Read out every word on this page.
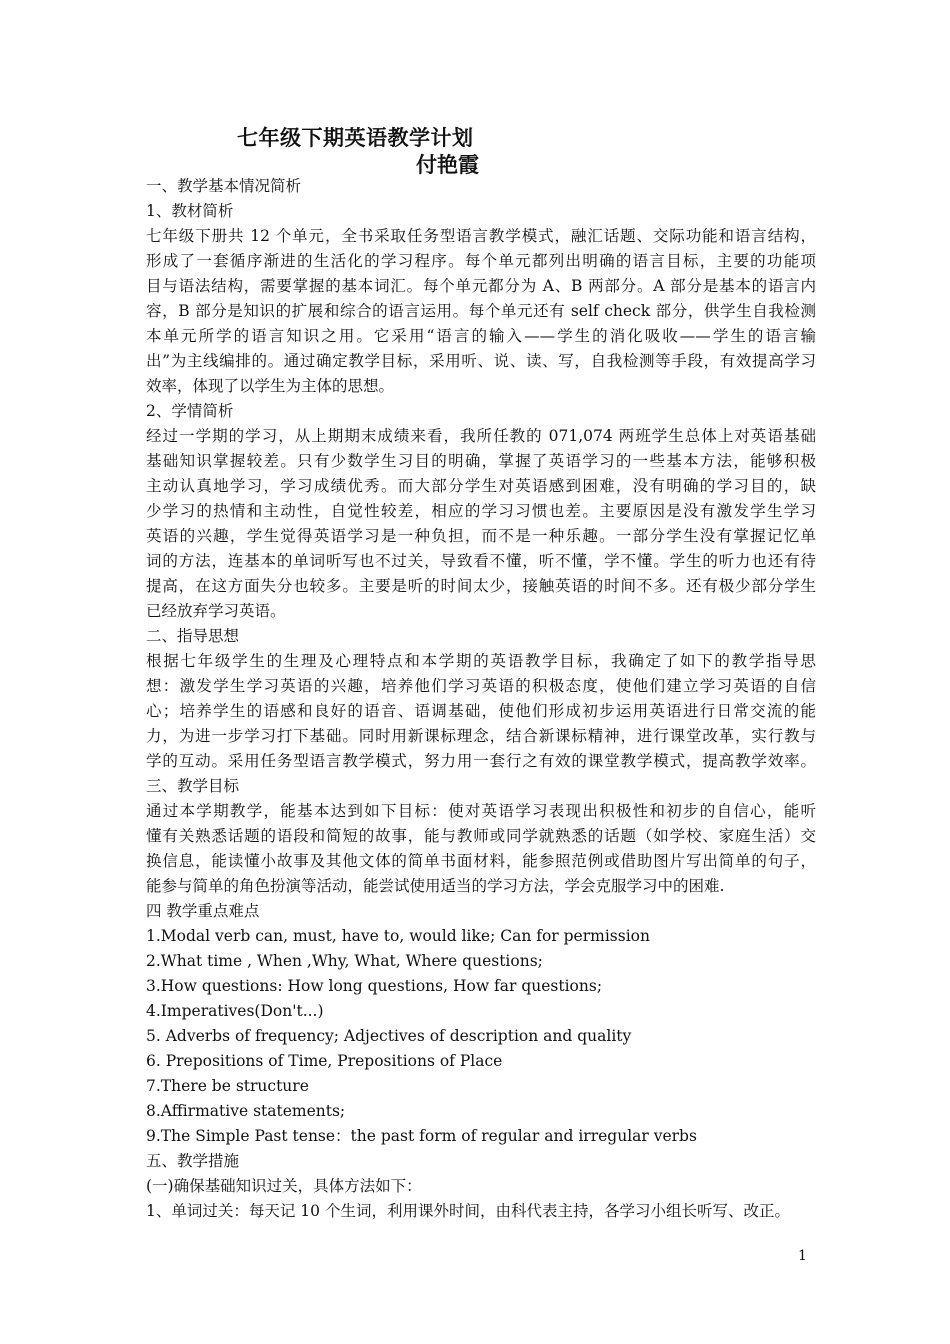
七年级下期英语教学计划
付艳霞
一、教学基本情况简析
1、教材简析
七年级下册共 12 个单元，全书采取任务型语言教学模式，融汇话题、交际功能和语言结构，
形成了一套循序渐进的生活化的学习程序。每个单元都列出明确的语言目标，主要的功能项
目与语法结构，需要掌握的基本词汇。每个单元都分为 A、B 两部分。A 部分是基本的语言内
容，B 部分是知识的扩展和综合的语言运用。每个单元还有 self check 部分，供学生自我检测
本单元所学的语言知识之用。它采用“语言的输入——学生的消化吸收——学生的语言输
出”为主线编排的。通过确定教学目标，采用听、说、读、写，自我检测等手段，有效提高学习
效率，体现了以学生为主体的思想。
2、学情简析
经过一学期的学习，从上期期末成绩来看，我所任教的 071,074 两班学生总体上对英语基础
基础知识掌握较差。只有少数学生习目的明确，掌握了英语学习的一些基本方法，能够积极
主动认真地学习，学习成绩优秀。而大部分学生对英语感到困难，没有明确的学习目的，缺
少学习的热情和主动性，自觉性较差，相应的学习习惯也差。主要原因是没有激发学生学习
英语的兴趣，学生觉得英语学习是一种负担，而不是一种乐趣。一部分学生没有掌握记忆单
词的方法，连基本的单词听写也不过关，导致看不懂，听不懂，学不懂。学生的听力也还有待
提高，在这方面失分也较多。主要是听的时间太少，接触英语的时间不多。还有极少部分学生
已经放弃学习英语。
二、指导思想
根据七年级学生的生理及心理特点和本学期的英语教学目标，我确定了如下的教学指导思
想：激发学生学习英语的兴趣，培养他们学习英语的积极态度，使他们建立学习英语的自信
心；培养学生的语感和良好的语音、语调基础，使他们形成初步运用英语进行日常交流的能
力，为进一步学习打下基础。同时用新课标理念，结合新课标精神，进行课堂改革，实行教与
学的互动。采用任务型语言教学模式，努力用一套行之有效的课堂教学模式，提高教学效率。
三、教学目标
通过本学期教学，能基本达到如下目标：使对英语学习表现出积极性和初步的自信心，能听
懂有关熟悉话题的语段和简短的故事，能与教师或同学就熟悉的话题（如学校、家庭生活）交
换信息，能读懂小故事及其他文体的简单书面材料，能参照范例或借助图片写出简单的句子，
能参与简单的角色扮演等活动，能尝试使用适当的学习方法，学会克服学习中的困难.
四 教学重点难点
1.Modal verb can, must, have to, would like; Can for permission
2.What time , When ,Why, What, Where questions;
3.How questions: How long questions, How far questions;
4.Imperatives(Don't...)
5. Adverbs of frequency; Adjectives of description and quality
6. Prepositions of Time, Prepositions of Place
7.There be structure
8.Affirmative statements;
9.The Simple Past tense：the past form of regular and irregular verbs
五、教学措施
(一)确保基础知识过关，具体方法如下：
1、单词过关：每天记 10 个生词，利用课外时间，由科代表主持，各学习小组长听写、改正。
1
